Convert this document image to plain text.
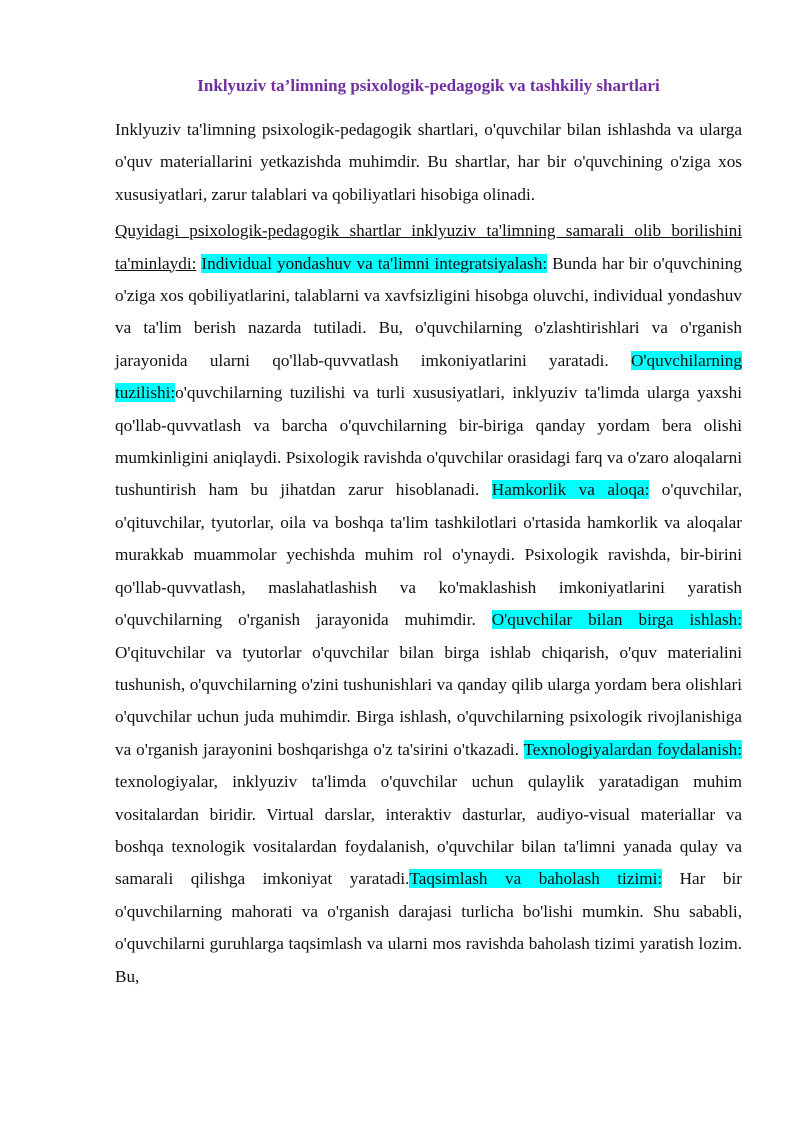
Inklyuziv ta’limning psixologik-pedagogik va tashkiliy shartlari

Inklyuziv ta'limning psixologik-pedagogik shartlari, o'quvchilar bilan ishlashda va ularga o'quv materiallarini yetkazishda muhimdir. Bu shartlar, har bir o'quvchining o'ziga xos xususiyatlari, zarur talablari va qobiliyatlari hisobiga olinadi.

Quyidagi psixologik-pedagogik shartlar inklyuziv ta'limning samarali olib borilishini ta'minlaydi: Individual yondashuv va ta'limni integratsiyalash: Bunda har bir o'quvchining o'ziga xos qobiliyatlarini, talablarni va xavfsizligini hisobga oluvchi, individual yondashuv va ta'lim berish nazarda tutiladi. Bu, o'quvchilarning o'zlashtirishlari va o'rganish jarayonida ularni qo'llab-quvvatlash imkoniyatlarini yaratadi. O'quvchilarning tuzilishi:o'quvchilarning tuzilishi va turli xususiyatlari, inklyuziv ta'limda ularga yaxshi qo'llab-quvvatlash va barcha o'quvchilarning bir-biriga qanday yordam bera olishi mumkinligini aniqlaydi. Psixologik ravishda o'quvchilar orasidagi farq va o'zaro aloqalarni tushuntirish ham bu jihatdan zarur hisoblanadi. Hamkorlik va aloqa: o'quvchilar, o'qituvchilar, tyutorlar, oila va boshqa ta'lim tashkilotlari o'rtasida hamkorlik va aloqalar murakkab muammolar yechishda muhim rol o'ynaydi. Psixologik ravishda, bir-birini qo'llab-quvvatlash, maslahatlashish va ko'maklashish imkoniyatlarini yaratish o'quvchilarning o'rganish jarayonida muhimdir. O'quvchilar bilan birga ishlash: O'qituvchilar va tyutorlar o'quvchilar bilan birga ishlab chiqarish, o'quv materialini tushunish, o'quvchilarning o'zini tushunishlari va qanday qilib ularga yordam bera olishlari o'quvchilar uchun juda muhimdir. Birga ishlash, o'quvchilarning psixologik rivojlanishiga va o'rganish jarayonini boshqarishga o'z ta'sirini o'tkazadi. Texnologiyalardan foydalanish: texnologiyalar, inklyuziv ta'limda o'quvchilar uchun qulaylik yaratadigan muhim vositalardan biridir. Virtual darslar, interaktiv dasturlar, audiyo-visual materiallar va boshqa texnologik vositalardan foydalanish, o'quvchilar bilan ta'limni yanada qulay va samarali qilishga imkoniyat yaratadi.Taqsimlash va baholash tizimi: Har bir o'quvchilarning mahorati va o'rganish darajasi turlicha bo'lishi mumkin. Shu sababli, o'quvchilarni guruhlarga taqsimlash va ularni mos ravishda baholash tizimi yaratish lozim. Bu,
